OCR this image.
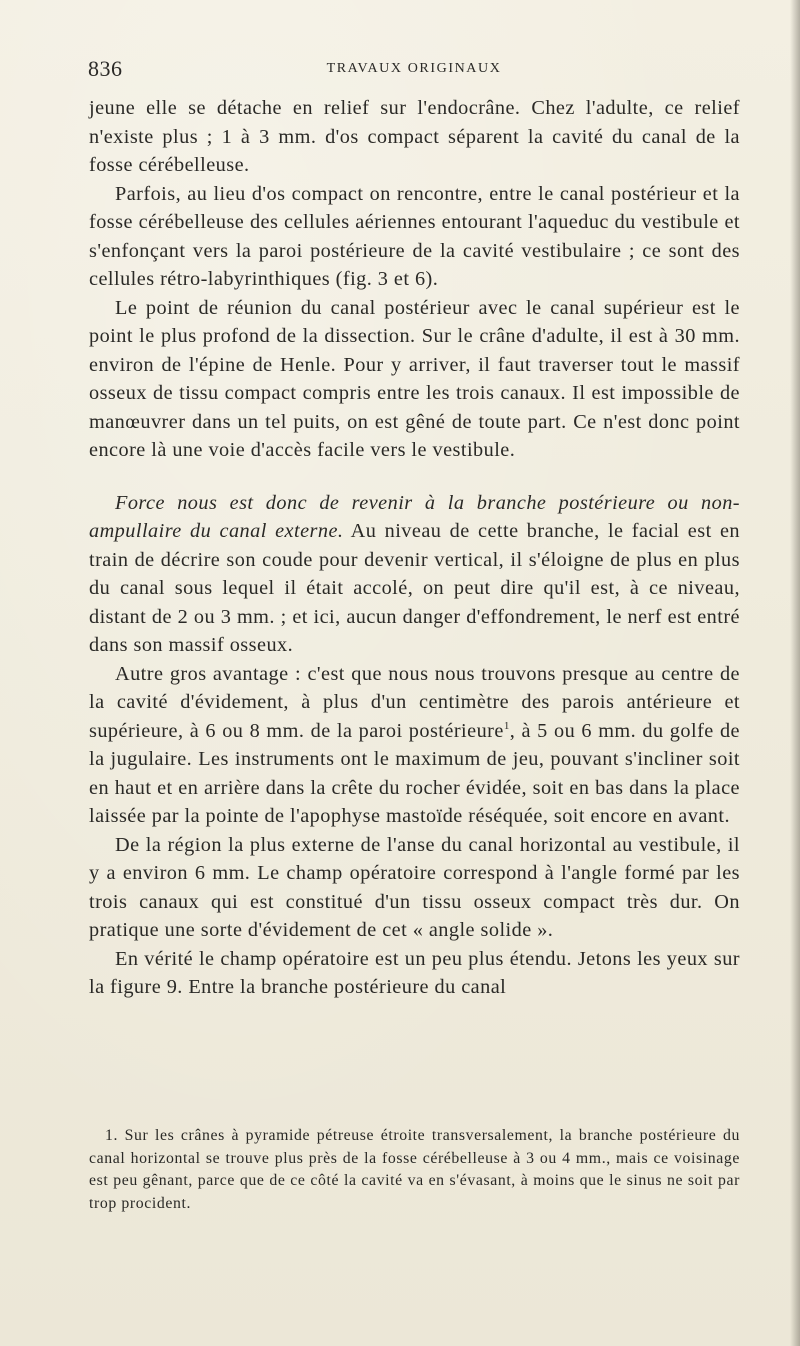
836	TRAVAUX ORIGINAUX

jeune elle se détache en relief sur l'endocrâne. Chez l'adulte, ce relief n'existe plus ; 1 à 3 mm. d'os compact séparent la cavité du canal de la fosse cérébelleuse.

Parfois, au lieu d'os compact on rencontre, entre le canal postérieur et la fosse cérébelleuse des cellules aériennes entourant l'aqueduc du vestibule et s'enfonçant vers la paroi postérieure de la cavité vestibulaire ; ce sont des cellules rétro-labyrinthiques (fig. 3 et 6).

Le point de réunion du canal postérieur avec le canal supérieur est le point le plus profond de la dissection. Sur le crâne d'adulte, il est à 30 mm. environ de l'épine de Henle. Pour y arriver, il faut traverser tout le massif osseux de tissu compact compris entre les trois canaux. Il est impossible de manœuvrer dans un tel puits, on est gêné de toute part. Ce n'est donc point encore là une voie d'accès facile vers le vestibule.

Force nous est donc de revenir à la branche postérieure ou non-ampullaire du canal externe. Au niveau de cette branche, le facial est en train de décrire son coude pour devenir vertical, il s'éloigne de plus en plus du canal sous lequel il était accolé, on peut dire qu'il est, à ce niveau, distant de 2 ou 3 mm. ; et ici, aucun danger d'effondrement, le nerf est entré dans son massif osseux.

Autre gros avantage : c'est que nous nous trouvons presque au centre de la cavité d'évidement, à plus d'un centimètre des parois antérieure et supérieure, à 6 ou 8 mm. de la paroi postérieure$^1$, à 5 ou 6 mm. du golfe de la jugulaire. Les instruments ont le maximum de jeu, pouvant s'incliner soit en haut et en arrière dans la crête du rocher évidée, soit en bas dans la place laissée par la pointe de l'apophyse mastoïde réséquée, soit encore en avant.

De la région la plus externe de l'anse du canal horizontal au vestibule, il y a environ 6 mm. Le champ opératoire correspond à l'angle formé par les trois canaux qui est constitué d'un tissu osseux compact très dur. On pratique une sorte d'évidement de cet « angle solide ».

En vérité le champ opératoire est un peu plus étendu. Jetons les yeux sur la figure 9. Entre la branche postérieure du canal

1. Sur les crânes à pyramide pétreuse étroite transversalement, la branche postérieure du canal horizontal se trouve plus près de la fosse cérébelleuse à 3 ou 4 mm., mais ce voisinage est peu gênant, parce que de ce côté la cavité va en s'évasant, à moins que le sinus ne soit par trop procident.
